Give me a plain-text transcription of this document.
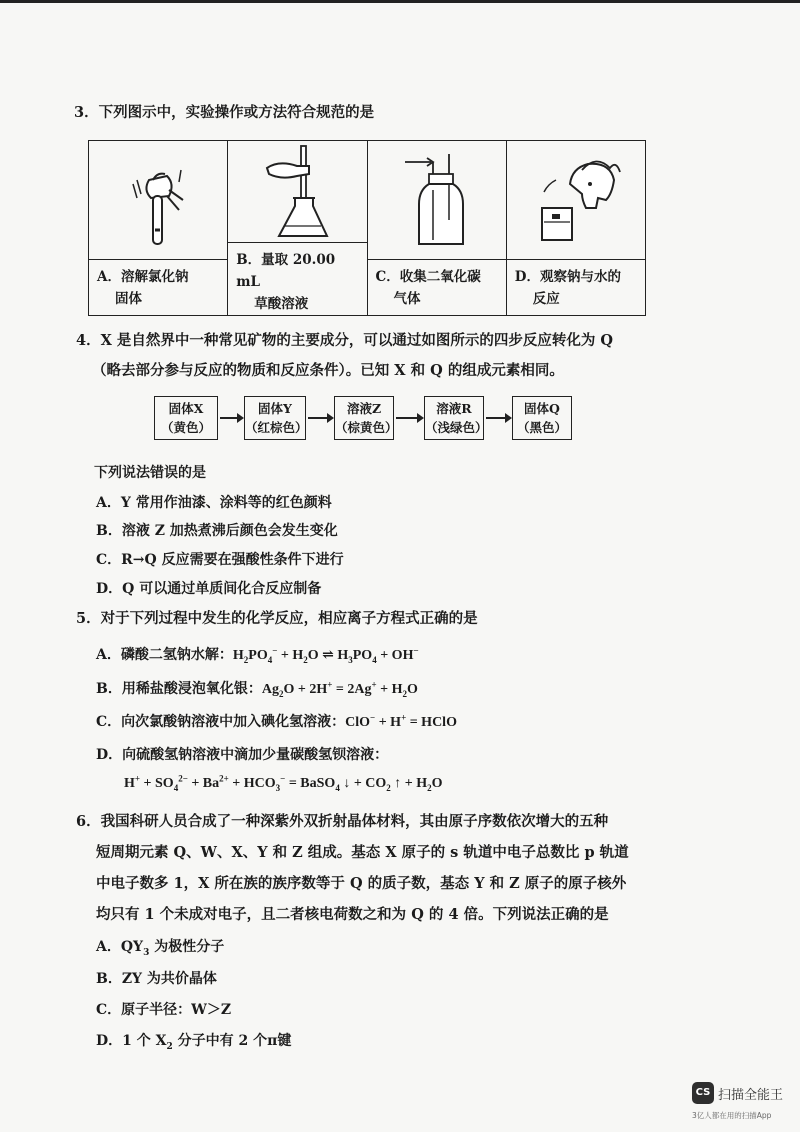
3．下列图示中，实验操作或方法符合规范的是
A．溶解氯化钠
固体
B．量取 20.00 mL
草酸溶液
C．收集二氧化碳
气体
D．观察钠与水的
反应
4．X 是自然界中一种常见矿物的主要成分，可以通过如图所示的四步反应转化为 Q
（略去部分参与反应的物质和反应条件）。已知 X 和 Q 的组成元素相同。
固体X
（黄色）
固体Y
（红棕色）
溶液Z
（棕黄色）
溶液R
（浅绿色）
固体Q
（黑色）
下列说法错误的是
A．Y 常用作油漆、涂料等的红色颜料
B．溶液 Z 加热煮沸后颜色会发生变化
C．R→Q 反应需要在强酸性条件下进行
D．Q 可以通过单质间化合反应制备
5．对于下列过程中发生的化学反应，相应离子方程式正确的是
A．磷酸二氢钠水解：$H_2PO_4^- + H_2O$ ⇌ $H_3PO_4 + OH^-$
B．用稀盐酸浸泡氧化银：$Ag_2O + 2H^+ = 2Ag^+ + H_2O$
C．向次氯酸钠溶液中加入碘化氢溶液：ClO− + H+ = HClO
D．向硫酸氢钠溶液中滴加少量碳酸氢钡溶液：
$H^+ + SO_4^{2-} + Ba^{2+} + HCO_3^-$ = BaSO$_4$ ↓ + $CO_2$ ↑ + $H_2O$
6．我国科研人员合成了一种深紫外双折射晶体材料，其由原子序数依次增大的五种
短周期元素 Q、W、X、Y 和 Z 组成。基态 X 原子的 s 轨道中电子总数比 p 轨道
中电子数多 1，X 所在族的族序数等于 Q 的质子数，基态 Y 和 Z 原子的原子核外
均只有 1 个未成对电子，且二者核电荷数之和为 Q 的 4 倍。下列说法正确的是
A．$QY_3$ 为极性分子
B．ZY 为共价晶体
C．原子半径：W＞Z
D．1 个 $X_2$ 分子中有 2 个π键
CS 扫描全能王
3亿人都在用的扫描App
